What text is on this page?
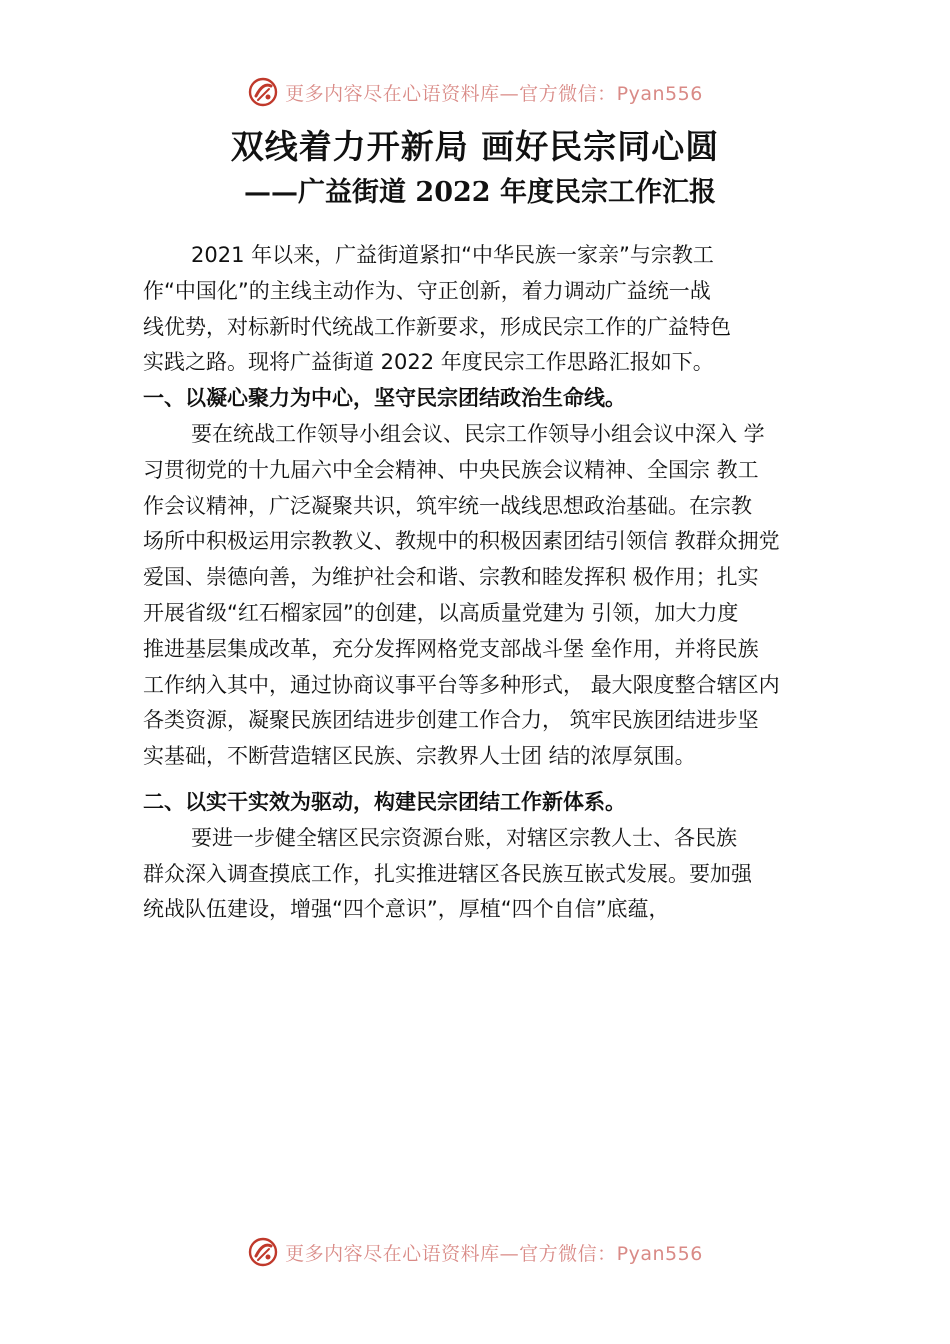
更多内容尽在心语资料库—官方微信：Pyan556
双线着力开新局 画好民宗同心圆
——广益街道 2022 年度民宗工作汇报
2021 年以来，广益街道紧扣“中华民族一家亲”与宗教工
作“中国化”的主线主动作为、守正创新，着力调动广益统一战
线优势，对标新时代统战工作新要求，形成民宗工作的广益特色
实践之路。现将广益街道 2022 年度民宗工作思路汇报如下。
一、以凝心聚力为中心，坚守民宗团结政治生命线。
要在统战工作领导小组会议、民宗工作领导小组会议中深入 学
习贯彻党的十九届六中全会精神、中央民族会议精神、全国宗 教工
作会议精神，广泛凝聚共识，筑牢统一战线思想政治基础。在宗教
场所中积极运用宗教教义、教规中的积极因素团结引领信 教群众拥党
爱国、崇德向善，为维护社会和谐、宗教和睦发挥积 极作用；扎实
开展省级“红石榴家园”的创建，以高质量党建为 引领，加大力度
推进基层集成改革，充分发挥网格党支部战斗堡 垒作用，并将民族
工作纳入其中，通过协商议事平台等多种形式， 最大限度整合辖区内
各类资源，凝聚民族团结进步创建工作合力， 筑牢民族团结进步坚
实基础，不断营造辖区民族、宗教界人士团 结的浓厚氛围。
二、以实干实效为驱动，构建民宗团结工作新体系。
要进一步健全辖区民宗资源台账，对辖区宗教人士、各民族
群众深入调查摸底工作，扎实推进辖区各民族互嵌式发展。要加强
统战队伍建设，增强“四个意识”，厚植“四个自信”底蕴，
更多内容尽在心语资料库—官方微信：Pyan556
